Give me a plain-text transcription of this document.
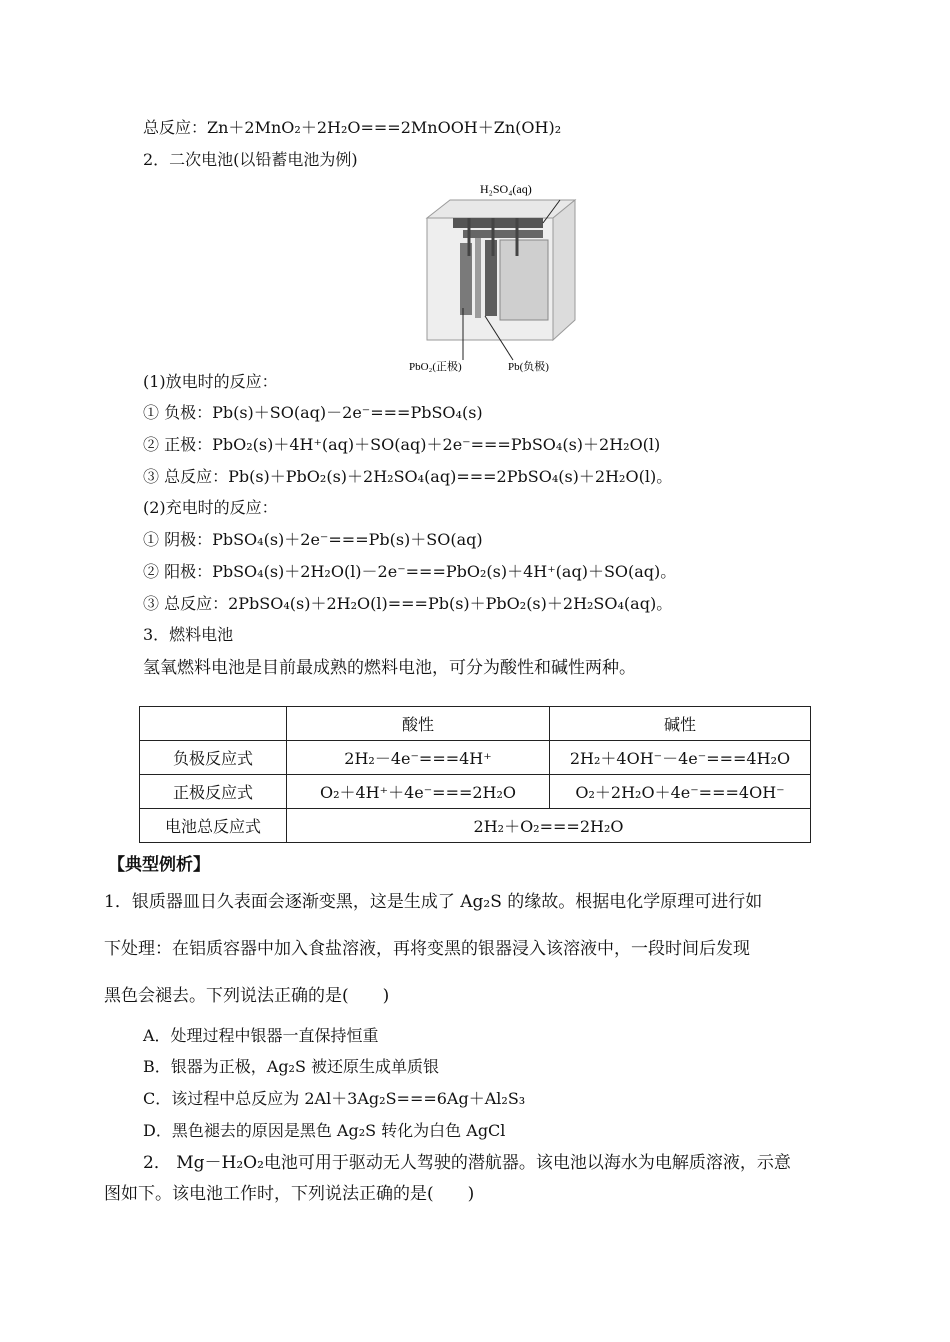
总反应：Zn＋2MnO₂＋2H₂O===2MnOOH＋Zn(OH)₂
2．二次电池(以铅蓄电池为例)
H₂SO₄(aq)
PbO₂(正极)	Pb(负极)
(1)放电时的反应：
① 负极：Pb(s)＋SO(aq)－2e⁻===PbSO₄(s)
② 正极：PbO₂(s)＋4H⁺(aq)＋SO(aq)＋2e⁻===PbSO₄(s)＋2H₂O(l)
③ 总反应：Pb(s)＋PbO₂(s)＋2H₂SO₄(aq)===2PbSO₄(s)＋2H₂O(l)。
(2)充电时的反应：
① 阴极：PbSO₄(s)＋2e⁻===Pb(s)＋SO(aq)
② 阳极：PbSO₄(s)＋2H₂O(l)－2e⁻===PbO₂(s)＋4H⁺(aq)＋SO(aq)。
③ 总反应：2PbSO₄(s)＋2H₂O(l)===Pb(s)＋PbO₂(s)＋2H₂SO₄(aq)。
3．燃料电池
氢氧燃料电池是目前最成熟的燃料电池，可分为酸性和碱性两种。
	酸性	碱性
负极反应式	2H₂－4e⁻===4H⁺	2H₂＋4OH⁻－4e⁻===4H₂O
正极反应式	O₂＋4H⁺＋4e⁻===2H₂O	O₂＋2H₂O＋4e⁻===4OH⁻
电池总反应式	2H₂＋O₂===2H₂O	
【典型例析】
1．银质器皿日久表面会逐渐变黑，这是生成了 Ag₂S 的缘故。根据电化学原理可进行如
下处理：在铝质容器中加入食盐溶液，再将变黑的银器浸入该溶液中，一段时间后发现
黑色会褪去。下列说法正确的是(　　)
A．处理过程中银器一直保持恒重
B．银器为正极，Ag₂S 被还原生成单质银
C．该过程中总反应为 2Al＋3Ag₂S===6Ag＋Al₂S₃
D．黑色褪去的原因是黑色 Ag₂S 转化为白色 AgCl
2． Mg－H₂O₂电池可用于驱动无人驾驶的潜航器。该电池以海水为电解质溶液，示意
图如下。该电池工作时，下列说法正确的是(　　)
